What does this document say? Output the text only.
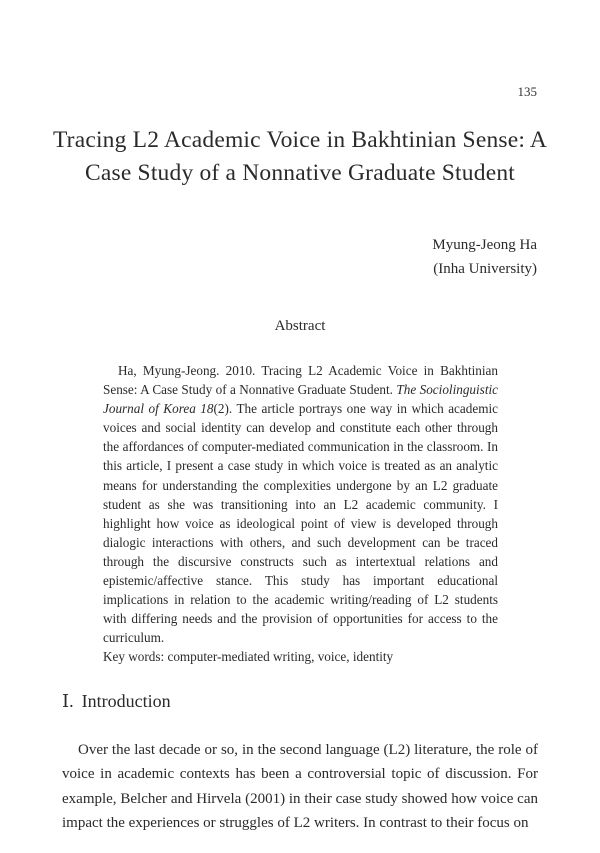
135
Tracing L2 Academic Voice in Bakhtinian Sense: A
Case Study of a Nonnative Graduate Student
Myung-Jeong Ha
(Inha University)
Abstract

Ha, Myung-Jeong. 2010. Tracing L2 Academic Voice in Bakhtinian Sense: A Case Study of a Nonnative Graduate Student. The Sociolinguistic Journal of Korea 18(2). The article portrays one way in which academic voices and social identity can develop and constitute each other through the affordances of computer-mediated communication in the classroom. In this article, I present a case study in which voice is treated as an analytic means for understanding the complexities undergone by an L2 graduate student as she was transitioning into an L2 academic community. I highlight how voice as ideological point of view is developed through dialogic interactions with others, and such development can be traced through the discursive constructs such as intertextual relations and epistemic/affective stance. This study has important educational implications in relation to the academic writing/reading of L2 students with differing needs and the provision of opportunities for access to the curriculum.

Key words: computer-mediated writing, voice, identity
Ⅰ. Introduction

Over the last decade or so, in the second language (L2) literature, the role of voice in academic contexts has been a controversial topic of discussion. For example, Belcher and Hirvela (2001) in their case study showed how voice can impact the experiences or struggles of L2 writers. In contrast to their focus on
